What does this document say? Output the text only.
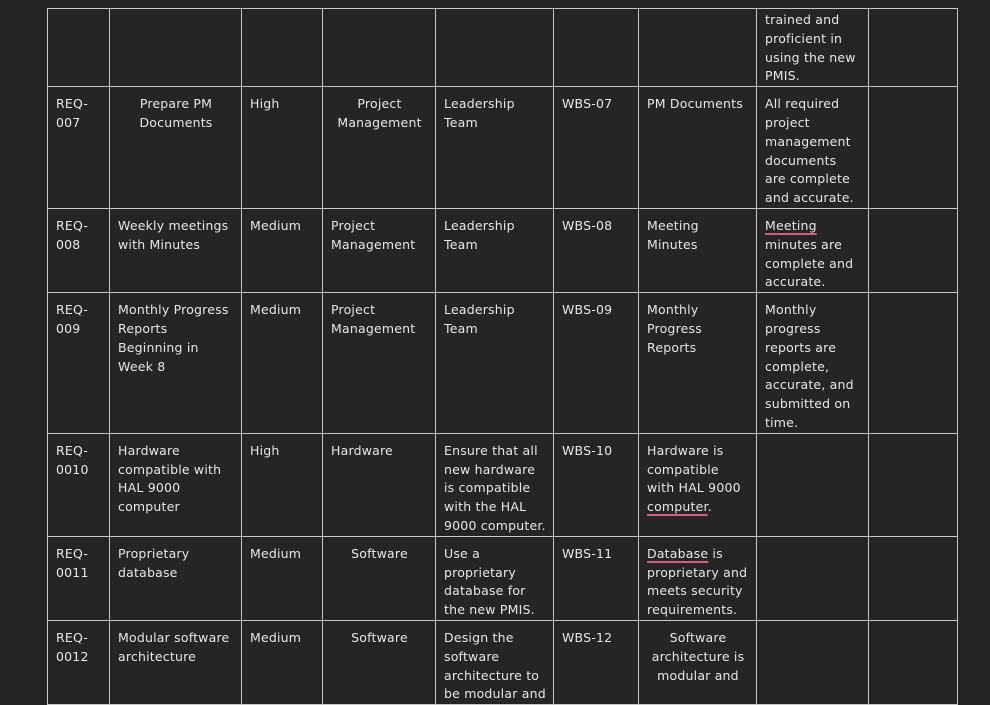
							trained and proficient in using the new PMIS.	
REQ-007	Prepare PM Documents	High	Project Management	Leadership Team	WBS-07	PM Documents	All required project management documents are complete and accurate.	
REQ-008	Weekly meetings with Minutes	Medium	Project Management	Leadership Team	WBS-08	Meeting Minutes	Meeting minutes are complete and accurate.	
REQ-009	Monthly Progress Reports Beginning in Week 8	Medium	Project Management	Leadership Team	WBS-09	Monthly Progress Reports	Monthly progress reports are complete, accurate, and submitted on time.	
REQ-0010	Hardware compatible with HAL 9000 computer	High	Hardware	Ensure that all new hardware is compatible with the HAL 9000 computer.	WBS-10	Hardware is compatible with HAL 9000 computer.		
REQ-0011	Proprietary database	Medium	Software	Use a proprietary database for the new PMIS.	WBS-11	Database is proprietary and meets security requirements.		
REQ-0012	Modular software architecture	Medium	Software	Design the software architecture to be modular and	WBS-12	Software architecture is modular and		
